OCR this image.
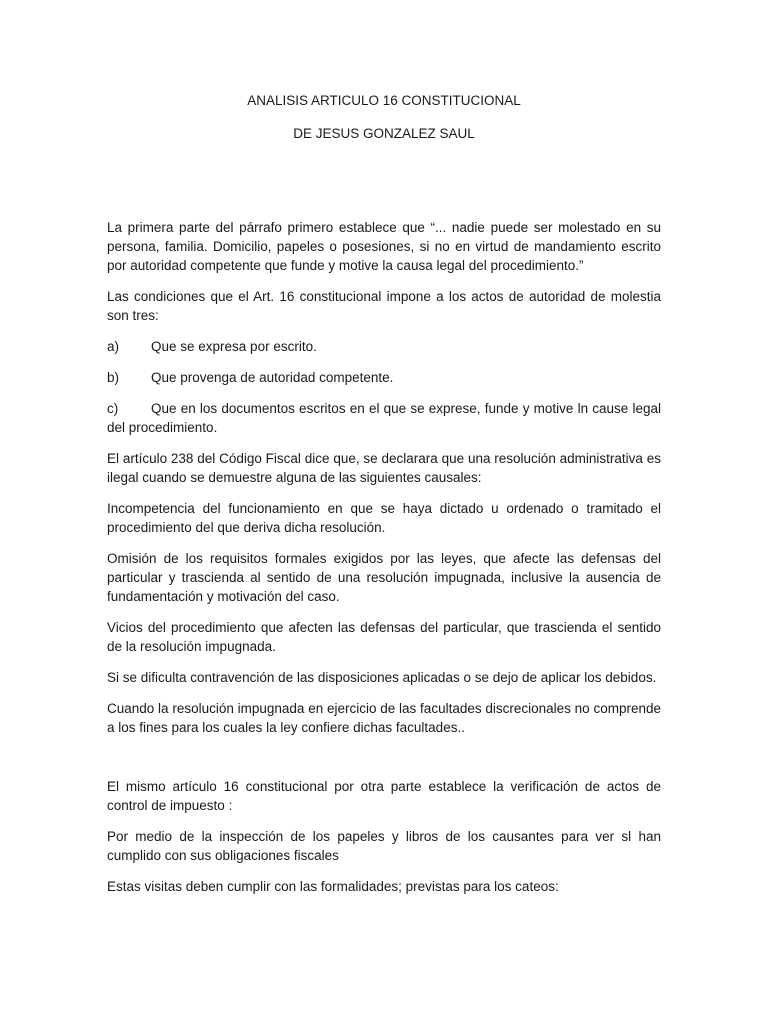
ANALISIS ARTICULO 16 CONSTITUCIONAL
DE JESUS GONZALEZ SAUL

La primera parte del párrafo primero establece que “... nadie puede ser molestado en su persona, familia. Domicilio, papeles o posesiones, si no en virtud de mandamiento escrito por autoridad competente que funde y motive la causa legal del procedimiento.”

Las condiciones que el Art. 16 constitucional impone a los actos de autoridad de molestia son tres:

a)	Que se expresa por escrito.
b)	Que provenga de autoridad competente.

c) Que en los documentos escritos en el que se exprese, funde y motive ln cause legal del procedimiento.

El artículo 238 del Código Fiscal dice que, se declarara que una resolución administrativa es ilegal cuando se demuestre alguna de las siguientes causales:

Incompetencia del funcionamiento en que se haya dictado u ordenado o tramitado el procedimiento del que deriva dicha resolución.

Omisión de los requisitos formales exigidos por las leyes, que afecte las defensas del particular y trascienda al sentido de una resolución impugnada, inclusive la ausencia de fundamentación y motivación del caso.

Vicios del procedimiento que afecten las defensas del particular, que trascienda el sentido de la resolución impugnada.

Si se dificulta contravención de las disposiciones aplicadas o se dejo de aplicar los debidos.

Cuando la resolución impugnada en ejercicio de las facultades discrecionales no comprende a los fines para los cuales la ley confiere dichas facultades..

El mismo artículo 16 constitucional por otra parte establece la verificación de actos de control de impuesto :

Por medio de la inspección de los papeles y libros de los causantes para ver sl han cumplido con sus obligaciones fiscales

Estas visitas deben cumplir con las formalidades; previstas para los cateos:
